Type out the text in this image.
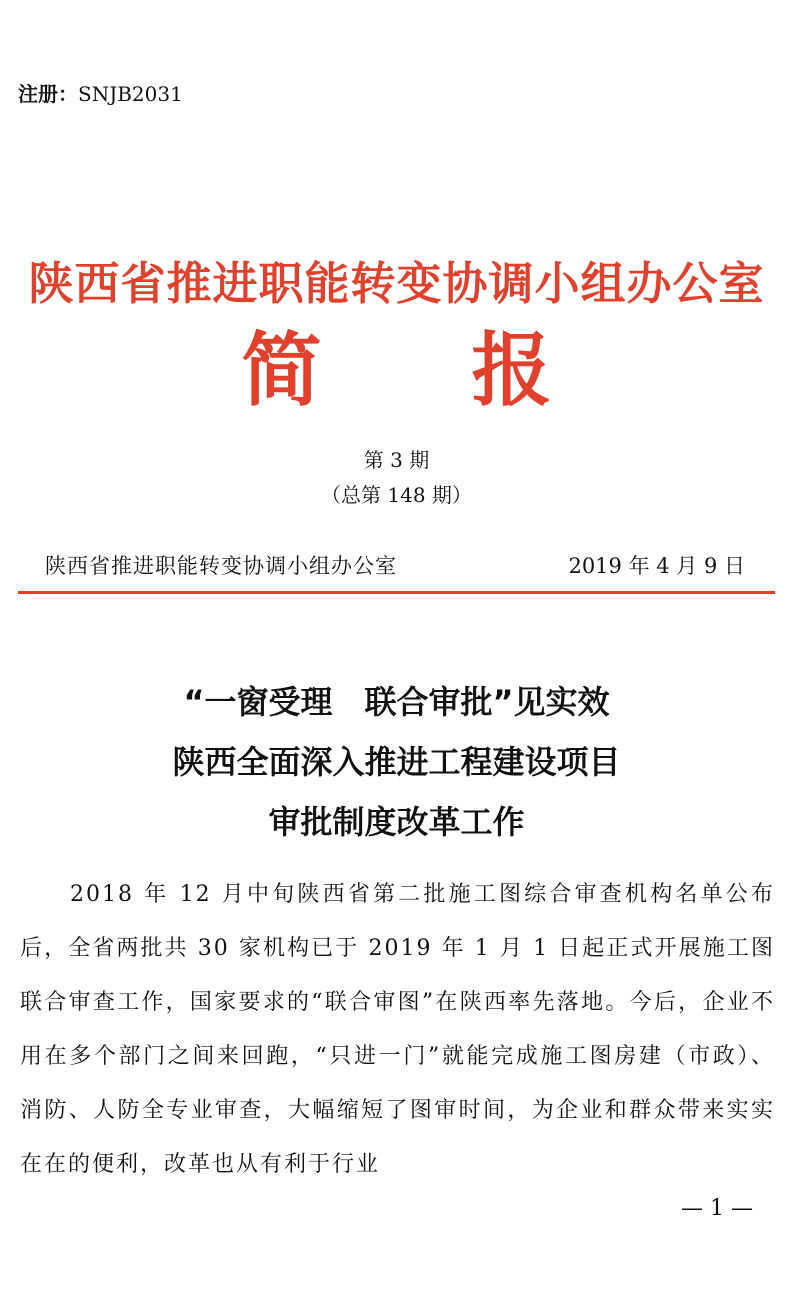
注册：SNJB2031
陕西省推进职能转变协调小组办公室
简 报
第 3 期
（总第 148 期）
陕西省推进职能转变协调小组办公室	2019 年 4 月 9 日
“一窗受理　联合审批”见实效
陕西全面深入推进工程建设项目
审批制度改革工作
2018 年 12 月中旬陕西省第二批施工图综合审查机构名单公布后，全省两批共 30 家机构已于 2019 年 1 月 1 日起正式开展施工图联合审查工作，国家要求的“联合审图”在陕西率先落地。今后，企业不用在多个部门之间来回跑，“只进一门”就能完成施工图房建（市政）、消防、人防全专业审查，大幅缩短了图审时间，为企业和群众带来实实在在的便利，改革也从有利于行业
— 1 —
